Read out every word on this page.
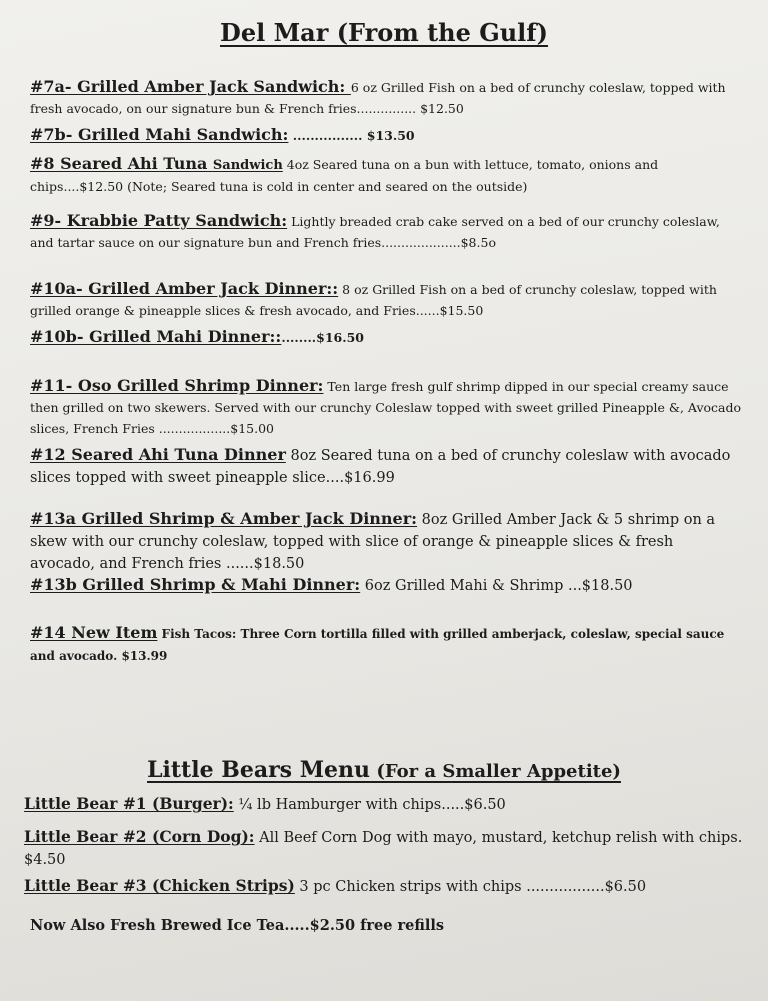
Del Mar (From the Gulf)
#7a- Grilled Amber Jack Sandwich: 6 oz Grilled Fish on a bed of crunchy coleslaw, topped with fresh avocado, on our signature bun & French fries............... $12.50
#7b- Grilled Mahi Sandwich: ................ $13.50
#8 Seared Ahi Tuna Sandwich 4oz Seared tuna on a bun with lettuce, tomato, onions and chips....$12.50 (Note; Seared tuna is cold in center and seared on the outside)
#9- Krabbie Patty Sandwich: Lightly breaded crab cake served on a bed of our crunchy coleslaw, and tartar sauce on our signature bun and French fries....................$8.5o
#10a- Grilled Amber Jack Dinner:: 8 oz Grilled Fish on a bed of crunchy coleslaw, topped with grilled orange & pineapple slices & fresh avocado, and Fries......$15.50
#10b- Grilled Mahi Dinner::........$16.50
#11- Oso Grilled Shrimp Dinner: Ten large fresh gulf shrimp dipped in our special creamy sauce then grilled on two skewers. Served with our crunchy Coleslaw topped with sweet grilled Pineapple &, Avocado slices, French Fries ..................$15.00
#12 Seared Ahi Tuna Dinner 8oz Seared tuna on a bed of crunchy coleslaw with avocado slices topped with sweet pineapple slice....$16.99
#13a Grilled Shrimp & Amber Jack Dinner: 8oz Grilled Amber Jack & 5 shrimp on a skew with our crunchy coleslaw, topped with slice of orange & pineapple slices & fresh avocado, and French fries ......$18.50
#13b Grilled Shrimp & Mahi Dinner: 6oz Grilled Mahi & Shrimp ...$18.50
#14 New Item Fish Tacos: Three Corn tortilla filled with grilled amberjack, coleslaw, special sauce and avocado. $13.99
Little Bears Menu (For a Smaller Appetite)
Little Bear #1 (Burger): ¼ lb Hamburger with chips.....$6.50
Little Bear #2 (Corn Dog): All Beef Corn Dog with mayo, mustard, ketchup relish with chips. $4.50
Little Bear #3 (Chicken Strips) 3 pc Chicken strips with chips .................$6.50
Now Also Fresh Brewed Ice Tea.....$2.50 free refills
